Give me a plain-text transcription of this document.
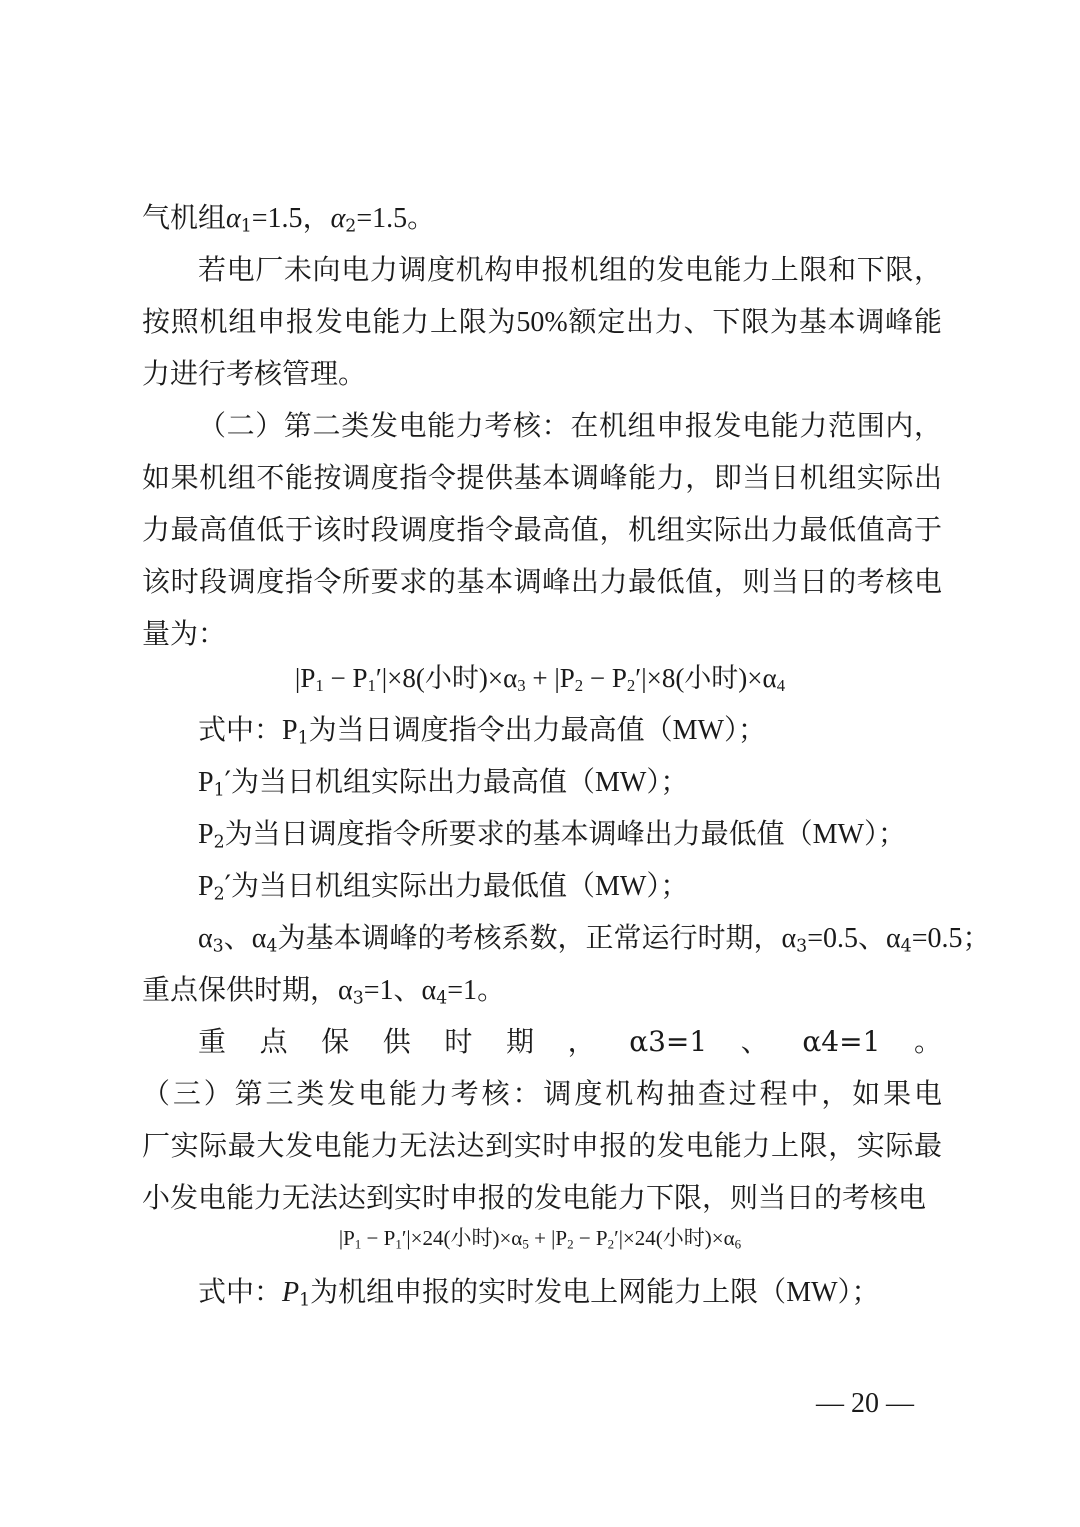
气机组$\alpha_1=1.5$，$\alpha_2=1.5$。
若电厂未向电力调度机构申报机组的发电能力上限和下限，
按照机组申报发电能力上限为50%额定出力、下限为基本调峰能
力进行考核管理。
（二）第二类发电能力考核：在机组申报发电能力范围内，
如果机组不能按调度指令提供基本调峰能力，即当日机组实际出
力最高值低于该时段调度指令最高值，机组实际出力最低值高于
该时段调度指令所要求的基本调峰出力最低值，则当日的考核电
量为：
$|P_1 - P_1'|\times 8$(小时)$\times\alpha_3 + |P_2 - P_2'|\times 8$(小时)$\times\alpha_4$
式中：$P_1$为当日调度指令出力最高值（MW）；
$P_1'$为当日机组实际出力最高值（MW）；
$P_2$为当日调度指令所要求的基本调峰出力最低值（MW）；
$P_2'$为当日机组实际出力最低值（MW）；
$\alpha_3$、$\alpha_4$为基本调峰的考核系数，正常运行时期，$\alpha_3=0.5$、$\alpha_4=0.5$；
重点保供时期，$\alpha_3=1$、$\alpha_4=1$。
重点保供时期，α3=1、α4=1。
（三）第三类发电能力考核：调度机构抽查过程中，如果电
厂实际最大发电能力无法达到实时申报的发电能力上限，实际最
小发电能力无法达到实时申报的发电能力下限，则当日的考核电
$|P_1 - P_1'|\times 24$(小时)$\times\alpha_5 + |P_2 - P_2'|\times 24$(小时)$\times\alpha_6$
式中：$P_1$为机组申报的实时发电上网能力上限（MW）；
— 20 —
